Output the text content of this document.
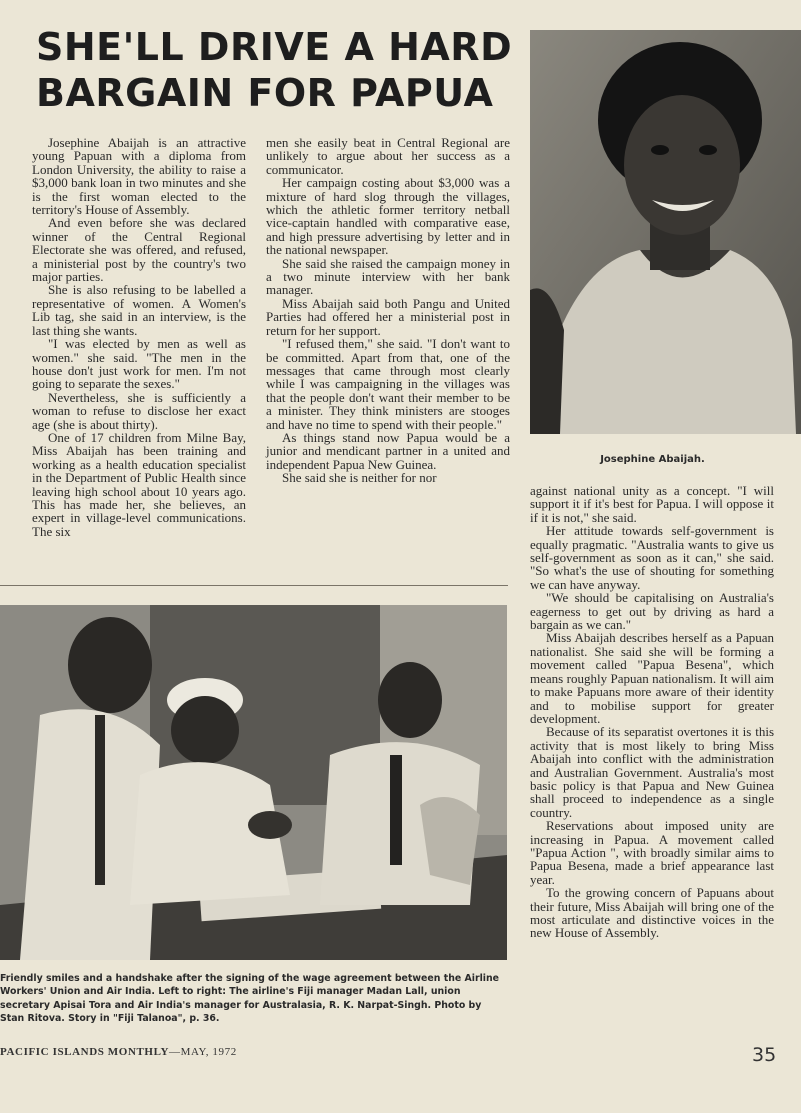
SHE'LL DRIVE A HARD BARGAIN FOR PAPUA

Josephine Abaijah is an attractive young Papuan with a diploma from London University, the ability to raise a $3,000 bank loan in two minutes and she is the first woman elected to the territory's House of Assembly.

And even before she was declared winner of the Central Regional Electorate she was offered, and refused, a ministerial post by the country's two major parties.

She is also refusing to be labelled a representative of women. A Women's Lib tag, she said in an interview, is the last thing she wants.

"I was elected by men as well as women." she said. "The men in the house don't just work for men. I'm not going to separate the sexes."

Nevertheless, she is sufficiently a woman to refuse to disclose her exact age (she is about thirty).

One of 17 children from Milne Bay, Miss Abaijah has been training and working as a health education specialist in the Department of Public Health since leaving high school about 10 years ago. This has made her, she believes, an expert in village-level communications. The six

men she easily beat in Central Regional are unlikely to argue about her success as a communicator.

Her campaign costing about $3,000 was a mixture of hard slog through the villages, which the athletic former territory netball vice-captain handled with comparative ease, and high pressure advertising by letter and in the national newspaper.

She said she raised the campaign money in a two minute interview with her bank manager.

Miss Abaijah said both Pangu and United Parties had offered her a ministerial post in return for her support.

"I refused them," she said. "I don't want to be committed. Apart from that, one of the messages that came through most clearly while I was campaigning in the villages was that the people don't want their member to be a minister. They think ministers are stooges and have no time to spend with their people."

As things stand now Papua would be a junior and mendicant partner in a united and independent Papua New Guinea.

She said she is neither for nor

Josephine Abaijah.

against national unity as a concept. "I will support it if it's best for Papua. I will oppose it if it is not," she said.

Her attitude towards self-government is equally pragmatic. "Australia wants to give us self-government as soon as it can," she said. "So what's the use of shouting for something we can have anyway.

"We should be capitalising on Australia's eagerness to get out by driving as hard a bargain as we can."

Miss Abaijah describes herself as a Papuan nationalist. She said she will be forming a movement called "Papua Besena", which means roughly Papuan nationalism. It will aim to make Papuans more aware of their identity and to mobilise support for greater development.

Because of its separatist overtones it is this activity that is most likely to bring Miss Abaijah into conflict with the administration and Australian Government. Australia's most basic policy is that Papua and New Guinea shall proceed to independence as a single country.

Reservations about imposed unity are increasing in Papua. A movement called "Papua Action ", with broadly similar aims to Papua Besena, made a brief appearance last year.

To the growing concern of Papuans about their future, Miss Abaijah will bring one of the most articulate and distinctive voices in the new House of Assembly.

Friendly smiles and a handshake after the signing of the wage agreement between the Airline Workers' Union and Air India. Left to right: The airline's Fiji manager Madan Lall, union secretary Apisai Tora and Air India's manager for Australasia, R. K. Narpat-Singh. Photo by Stan Ritova. Story in "Fiji Talanoa", p. 36.
PACIFIC ISLANDS MONTHLY—MAY, 1972	35
